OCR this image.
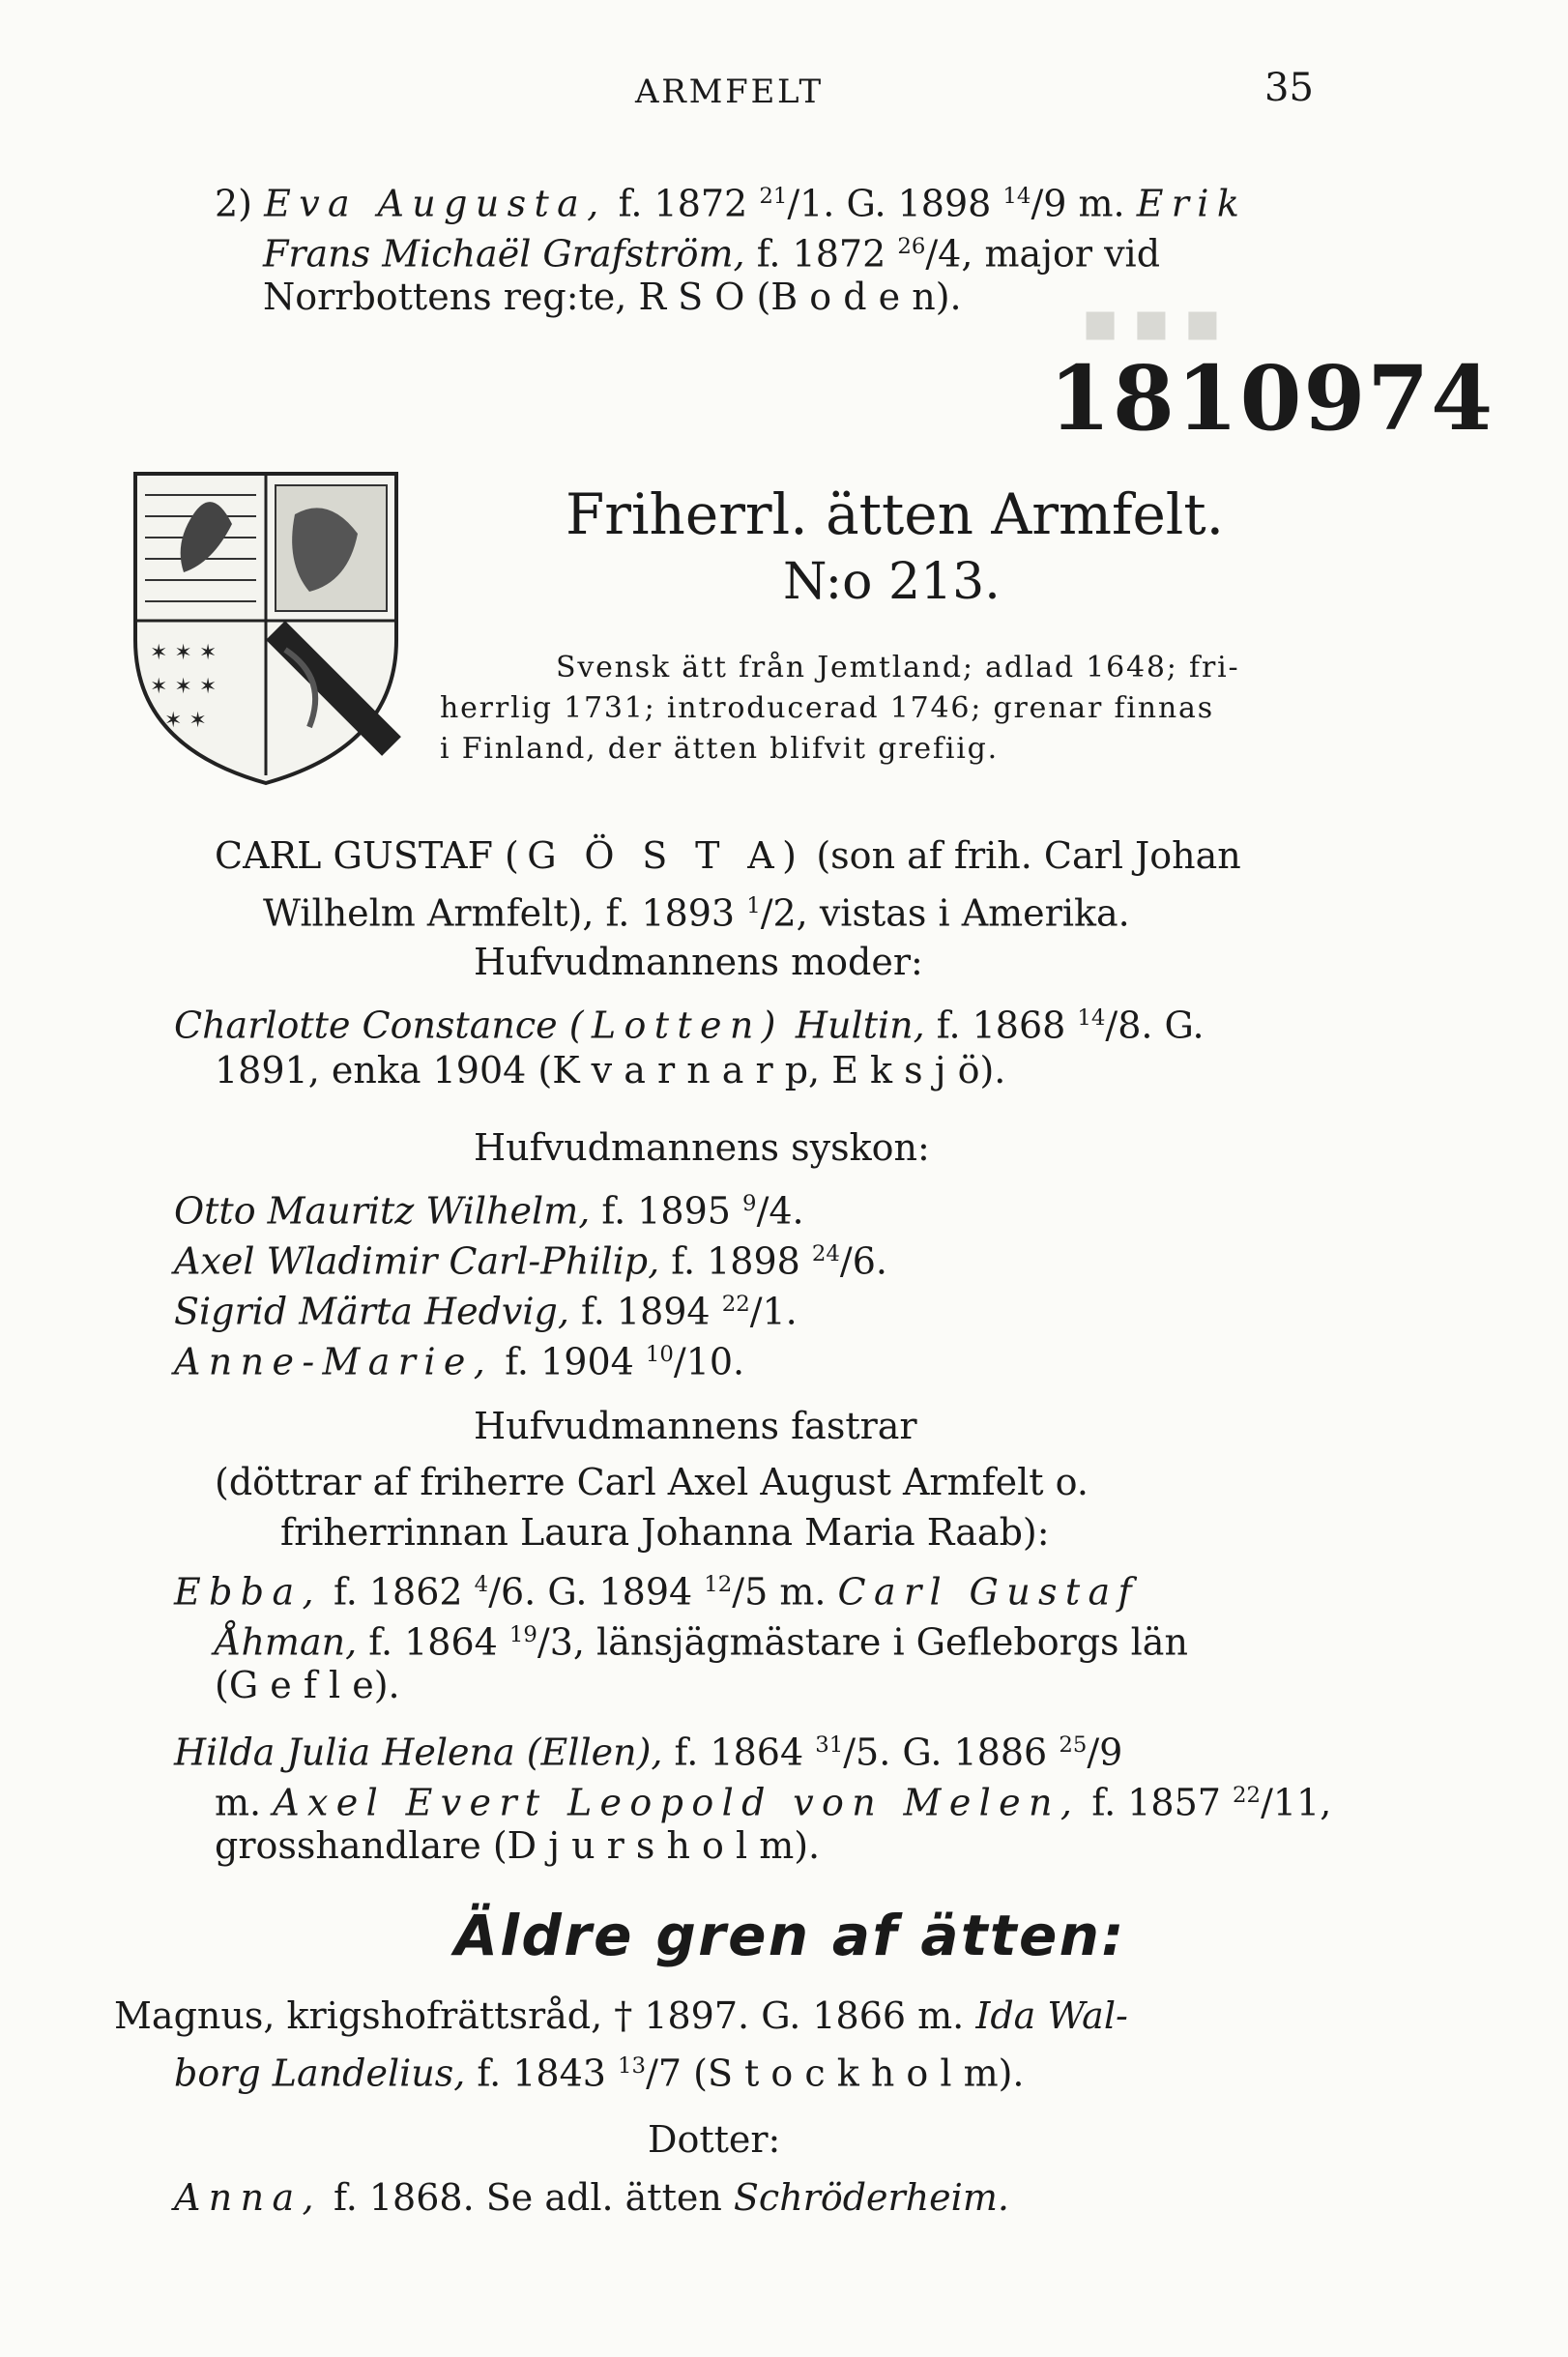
■ ■ ■
ARMFELT	35
2) Eva Augusta, f. 1872 $^{21}$/1. G. 1898 $^{14}$/9 m. Erik
Frans Michaël Grafström, f. 1872 $^{26}$/4, major vid
Norrbottens reg:te, R S O (B o d e n).
1810974
✶ ✶ ✶
✶ ✶ ✶
✶ ✶
Friherrl. ätten Armfelt.
N:o 213.
Svensk ätt från Jemtland; adlad 1648; fri-
herrlig 1731; introducerad 1746; grenar finnas
i Finland, der ätten blifvit grefiig.
CARL GUSTAF (G Ö S T A) (son af frih. Carl Johan
Wilhelm Armfelt), f. 1893 $^1$/2, vistas i Amerika.
Hufvudmannens moder:
Charlotte Constance (Lotten) Hultin, f. 1868 $^{14}$/8. G.
1891, enka 1904 (K v a r n a r p, E k s j ö).
Hufvudmannens syskon:
Otto Mauritz Wilhelm, f. 1895 $^9$/4.
Axel Wladimir Carl-Philip, f. 1898 $^{24}$/6.
Sigrid Märta Hedvig, f. 1894 $^{22}$/1.
Anne-Marie, f. 1904 $^{10}$/10.
Hufvudmannens fastrar
(döttrar af friherre Carl Axel August Armfelt o.
friherrinnan Laura Johanna Maria Raab):
Ebba, f. 1862 $^4$/6. G. 1894 $^{12}$/5 m. Carl Gustaf
Åhman, f. 1864 $^{19}$/3, länsjägmästare i Gefleborgs län
(G e f l e).
Hilda Julia Helena (Ellen), f. 1864 $^{31}$/5. G. 1886 $^{25}$/9
m. Axel Evert Leopold von Melen, f. 1857 $^{22}$/11,
grosshandlare (D j u r s h o l m).
Äldre gren af ätten:
Magnus, krigshofrättsråd, † 1897. G. 1866 m. Ida Wal-
borg Landelius, f. 1843 $^{13}$/7 (S t o c k h o l m).
Dotter:
Anna, f. 1868. Se adl. ätten Schröderheim.
